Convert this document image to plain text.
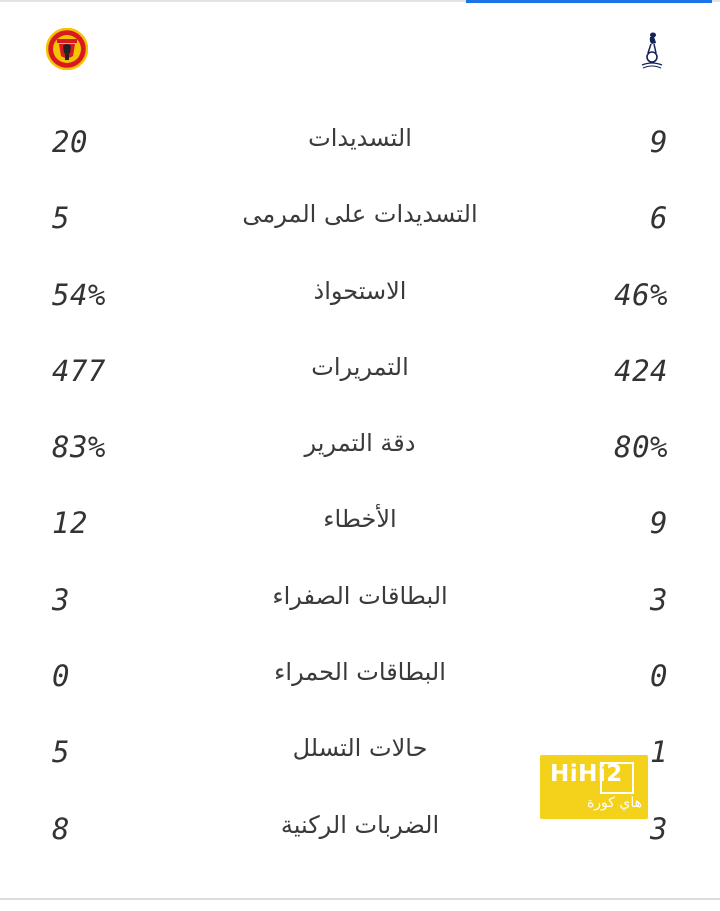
20	التسديدات	9
5	التسديدات على المرمى	6
54%	الاستحواذ	46%
477	التمريرات	424
83%	دقة التمرير	80%
12	الأخطاء	9
3	البطاقات الصفراء	3
0	البطاقات الحمراء	0
5	حالات التسلل	1
8	الضربات الركنية	3
HiHi2
هاي كورة
